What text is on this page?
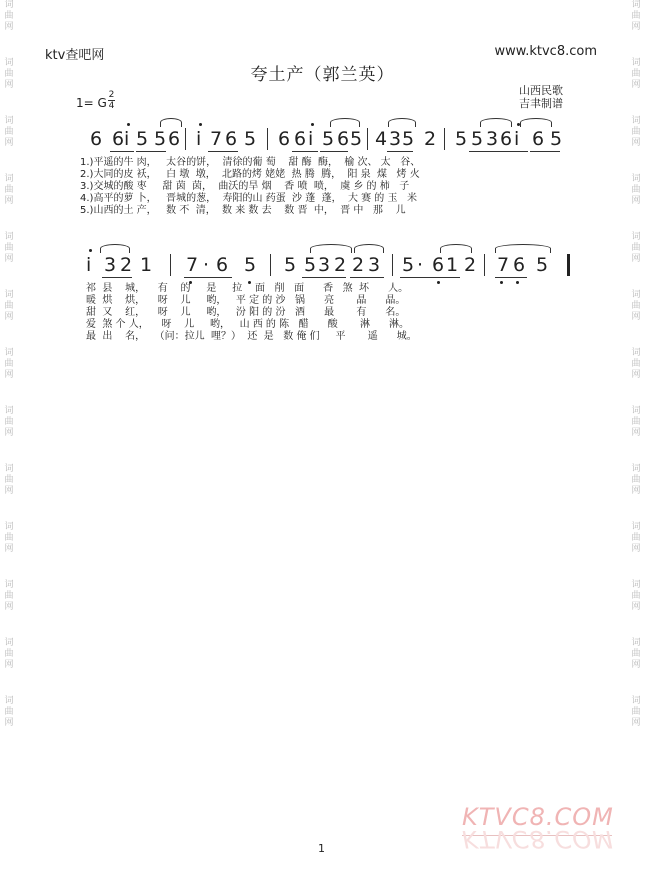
词
曲
网
词
曲
网
词
曲
网
词
曲
网
词
曲
网
词
曲
网
词
曲
网
词
曲
网
词
曲
网
词
曲
网
词
曲
网
词
曲
网
词
曲
网
词
曲
网
词
曲
网
词
曲
网
词
曲
网
词
曲
网
词
曲
网
词
曲
网
词
曲
网
词
曲
网
词
曲
网
词
曲
网
词
曲
网
词
曲
网
ktv查吧网	www.ktvc8.com
夸土产（郭兰英）
山西民歌
吉聿制谱
1= G
2
4
6 6 i 5 5 6 i 7 6 5 6 6 i 5 6 5 4 3 5 2 5 5 3 6 i 6 5
1.)平遥的牛 肉，   太谷的饼，  清徐的葡 萄    甜 酶  酶，  榆 次、 太   谷、
2.)大同的皮 袄，   白 墩  墩，  北路的烤 姥姥  热 腾  腾，  阳 泉  煤   烤 火
3.)交城的酸 枣     甜 茵  茵，  曲沃的旱 烟    香 喷  喷，  虞 乡 的 柿   子
4.)高平的萝 卜，   晋城的葱，  寿阳的山 药蛋  沙 蓬  蓬，  大 赛 的 玉   米
5.)山西的土 产，   数 不  清，  数 来 数 去    数 晋  中，  晋 中   那    儿
i 3 2 1 7 · 6 5 5 5 3 2 2 3 5 · 6 1 2 7 6 5
祁  县    城，    有    的     是     拉    面   削   面      香   煞  坏      人。
暖  烘    烘，    呀    儿     哟，   平 定 的 沙   锅      亮       晶      晶。
甜  又    红，    呀    儿     哟，   汾 阳 的 汾   酒      最       有      名。
爱  煞 个 人，    呀    儿     哟，   山 西 的 陈   醋      酸       淋      淋。
最  出    名，   （问：拉儿  哩？）  还  是   数 俺 们     平       遥      城。
KTVC8.COM
KTVC8.COM
1
